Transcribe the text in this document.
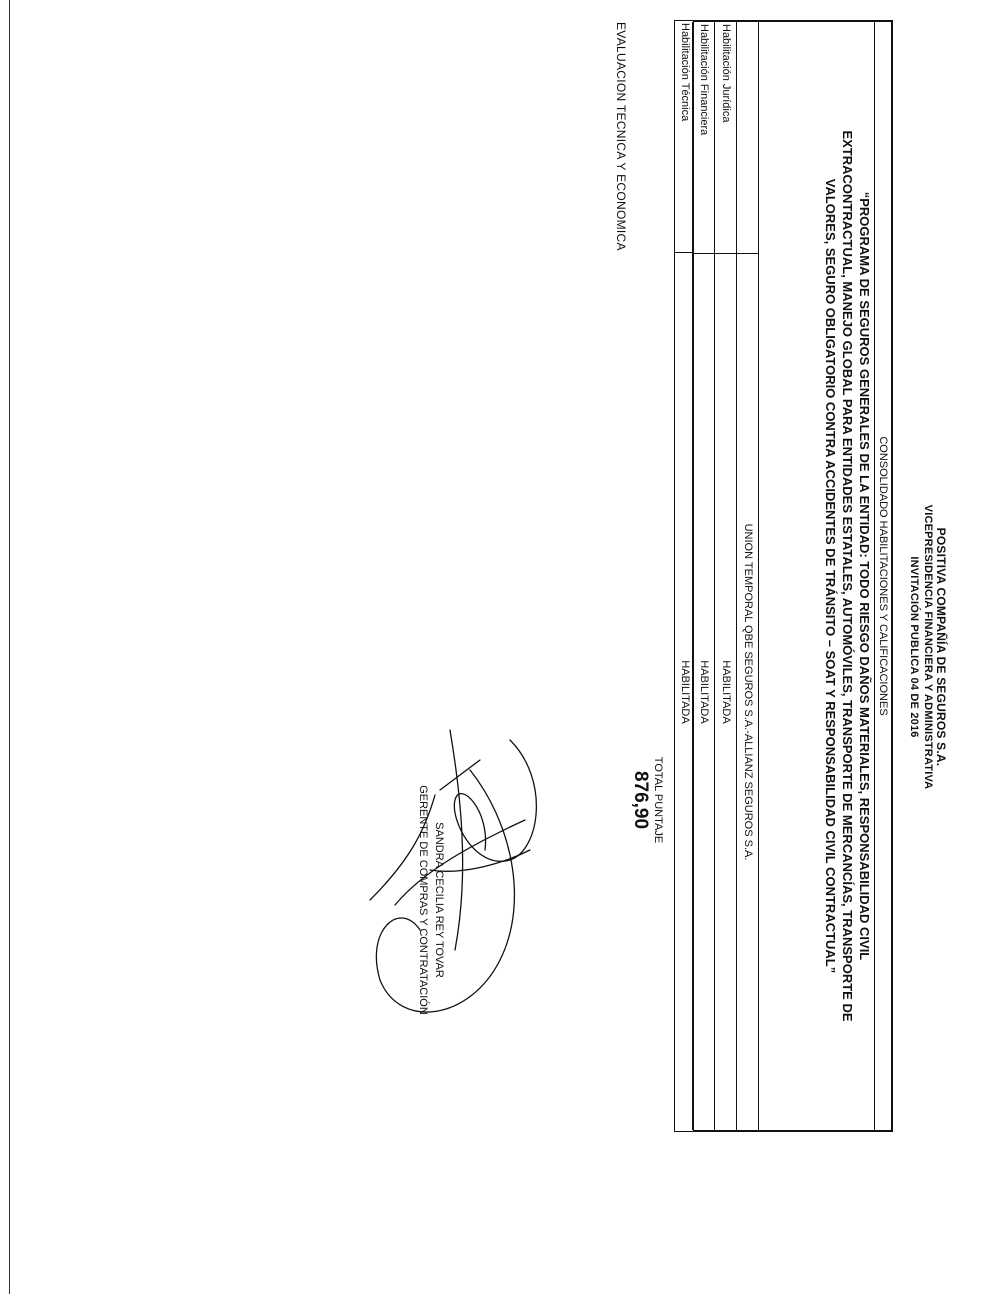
POSITIVA COMPAÑÍA DE SEGUROS S.A.
VICEPRESIDENCIA FINANCIERA Y ADMINISTRATIVA
INVITACIÓN PUBLICA 04 DE 2016
CONSOLIDADO HABILITACIONES Y CALIFICACIONES
“PROGRAMA DE SEGUROS GENERALES DE LA ENTIDAD: TODO RIESGO DAÑOS MATERIALES, RESPONSABILIDAD CIVIL
EXTRACONTRACTUAL, MANEJO GLOBAL PARA ENTIDADES ESTATALES, AUTOMÓVILES, TRANSPORTE DE MERCANCÍAS, TRANSPORTE DE
VALORES, SEGURO OBLIGATORIO CONTRA ACCIDENTES DE TRÁNSITO – SOAT Y RESPONSABILIDAD CIVIL CONTRACTUAL”
UNION TEMPORAL QBE SEGUROS S.A.-ALLIANZ SEGUROS S.A.
Habilitación Jurídica
HABILITADA
Habilitación Financiera
HABILITADA
Habilitación Técnica
HABILITADA
TOTAL PUNTAJE
876,90
EVALUACION TECNICA Y ECONOMICA
SANDRA CECILIA REY TOVAR
GERENTE DE COMPRAS Y CONTRATACIÓN
